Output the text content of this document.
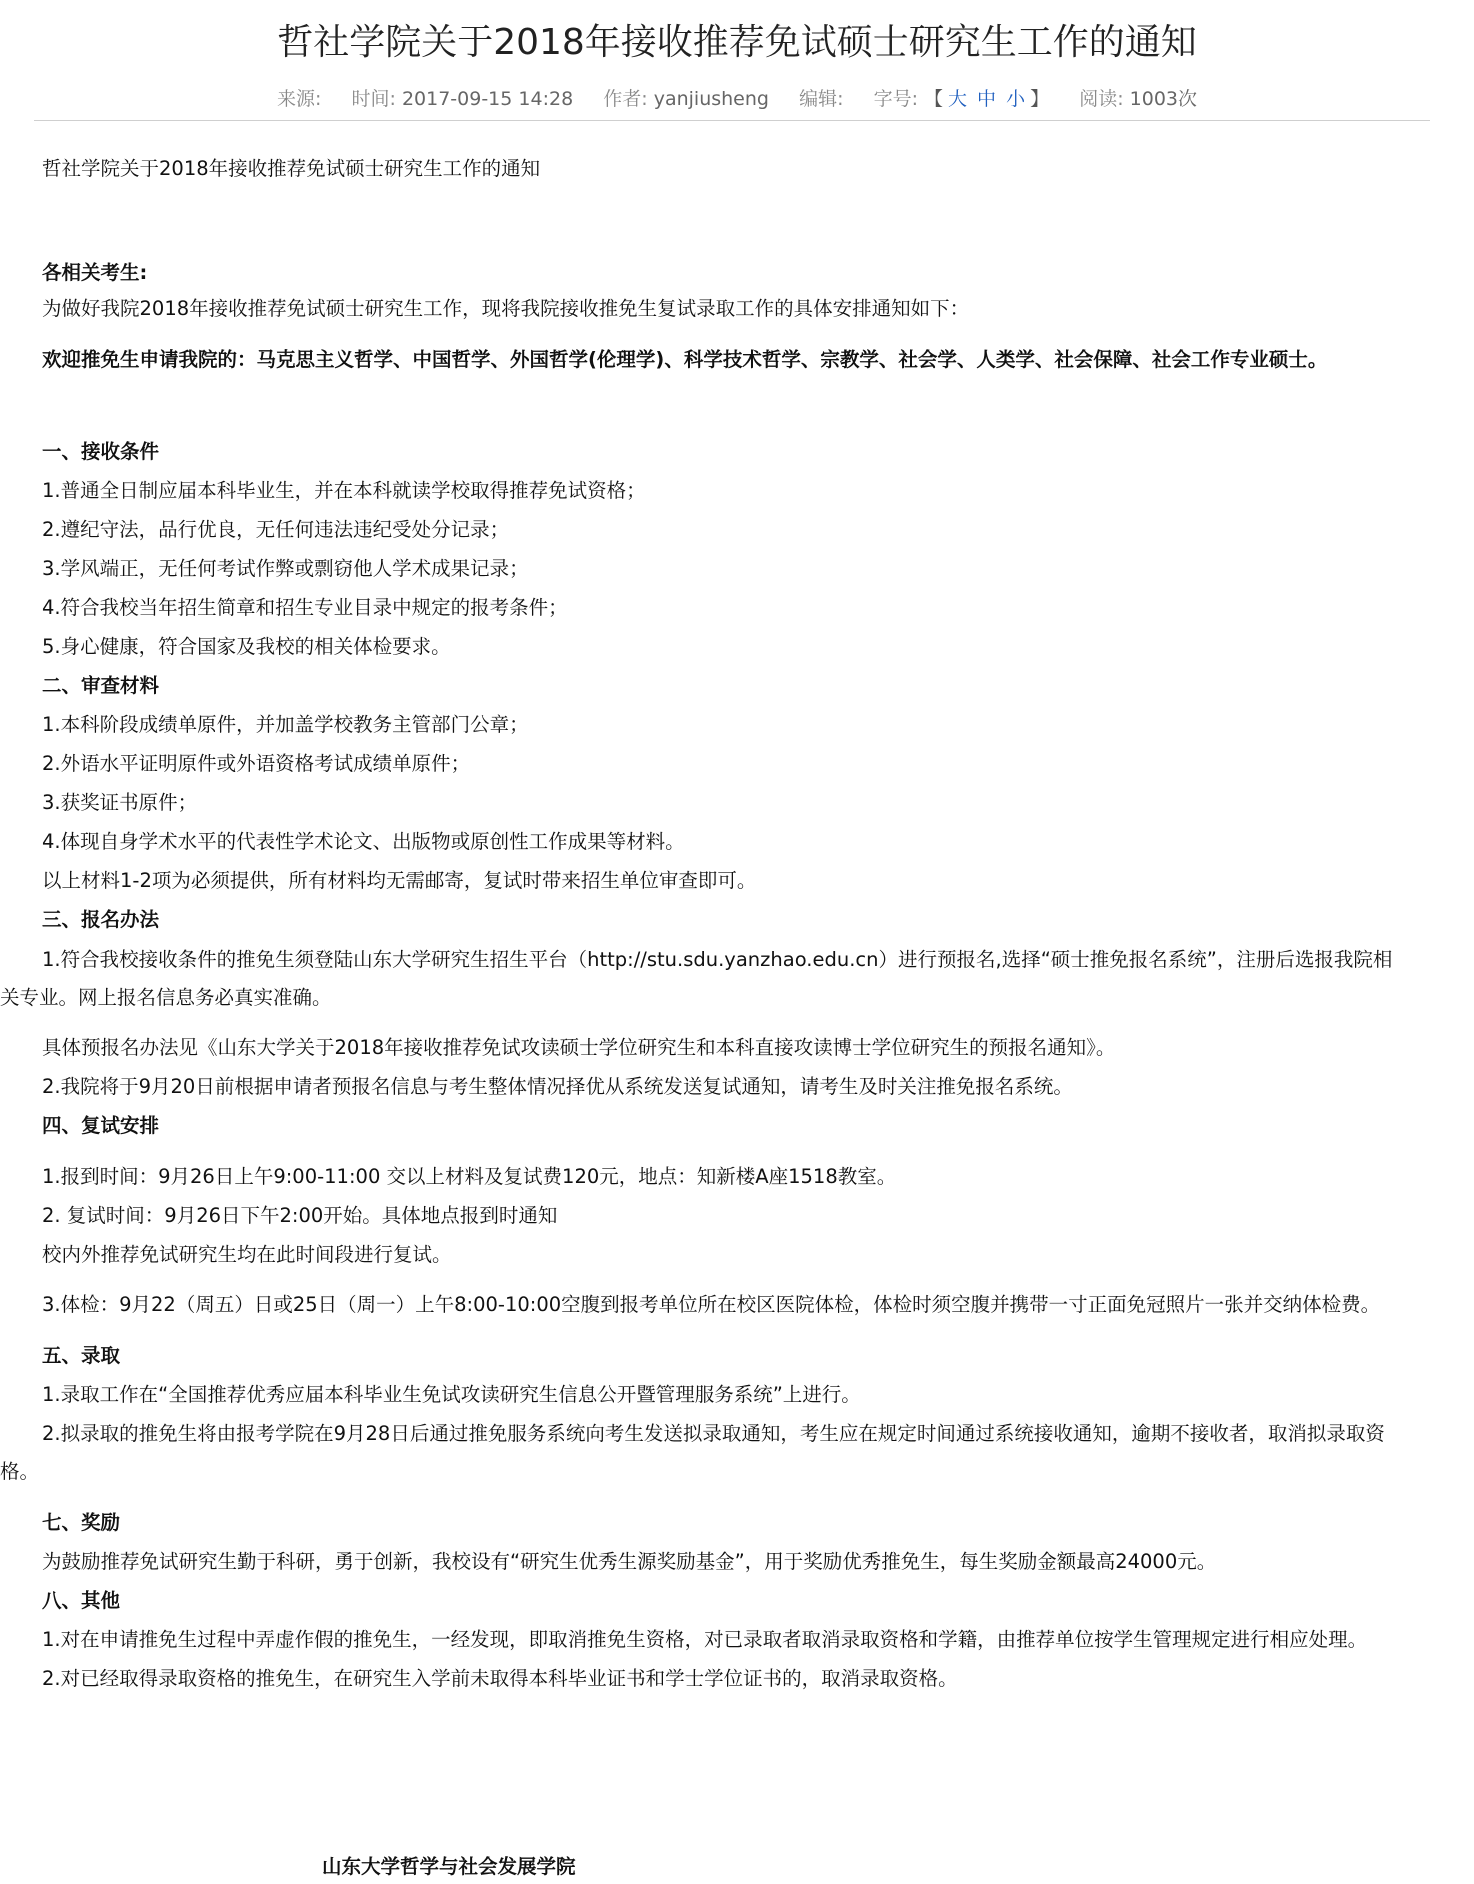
哲社学院关于2018年接收推荐免试硕士研究生工作的通知
来源: 时间: 2017-09-15 14:28 作者: yanjiusheng 编辑: 字号: 【 大 中 小 】 阅读: 1003次
哲社学院关于2018年接收推荐免试硕士研究生工作的通知
各相关考生:
为做好我院2018年接收推荐免试硕士研究生工作，现将我院接收推免生复试录取工作的具体安排通知如下：
欢迎推免生申请我院的：马克思主义哲学、中国哲学、外国哲学(伦理学)、科学技术哲学、宗教学、社会学、人类学、社会保障、社会工作专业硕士。
一、接收条件
1.普通全日制应届本科毕业生，并在本科就读学校取得推荐免试资格；
2.遵纪守法，品行优良，无任何违法违纪受处分记录；
3.学风端正，无任何考试作弊或剽窃他人学术成果记录；
4.符合我校当年招生简章和招生专业目录中规定的报考条件；
5.身心健康，符合国家及我校的相关体检要求。
二、审查材料
1.本科阶段成绩单原件，并加盖学校教务主管部门公章；
2.外语水平证明原件或外语资格考试成绩单原件；
3.获奖证书原件；
4.体现自身学术水平的代表性学术论文、出版物或原创性工作成果等材料。
以上材料1-2项为必须提供，所有材料均无需邮寄，复试时带来招生单位审查即可。
三、报名办法
1.符合我校接收条件的推免生须登陆山东大学研究生招生平台（http://stu.sdu.yanzhao.edu.cn）进行预报名,选择“硕士推免报名系统”，注册后选报我院相
关专业。网上报名信息务必真实准确。
具体预报名办法见《山东大学关于2018年接收推荐免试攻读硕士学位研究生和本科直接攻读博士学位研究生的预报名通知》。
2.我院将于9月20日前根据申请者预报名信息与考生整体情况择优从系统发送复试通知，请考生及时关注推免报名系统。
四、复试安排
1.报到时间：9月26日上午9:00-11:00 交以上材料及复试费120元，地点：知新楼A座1518教室。
2. 复试时间：9月26日下午2:00开始。具体地点报到时通知
校内外推荐免试研究生均在此时间段进行复试。
3.体检：9月22（周五）日或25日（周一）上午8:00-10:00空腹到报考单位所在校区医院体检，体检时须空腹并携带一寸正面免冠照片一张并交纳体检费。
五、录取
1.录取工作在“全国推荐优秀应届本科毕业生免试攻读研究生信息公开暨管理服务系统”上进行。
2.拟录取的推免生将由报考学院在9月28日后通过推免服务系统向考生发送拟录取通知，考生应在规定时间通过系统接收通知，逾期不接收者，取消拟录取资
格。
七、奖励
为鼓励推荐免试研究生勤于科研，勇于创新，我校设有“研究生优秀生源奖励基金”，用于奖励优秀推免生，每生奖励金额最高24000元。
八、其他
1.对在申请推免生过程中弄虚作假的推免生，一经发现，即取消推免生资格，对已录取者取消录取资格和学籍，由推荐单位按学生管理规定进行相应处理。
2.对已经取得录取资格的推免生，在研究生入学前未取得本科毕业证书和学士学位证书的，取消录取资格。
山东大学哲学与社会发展学院
